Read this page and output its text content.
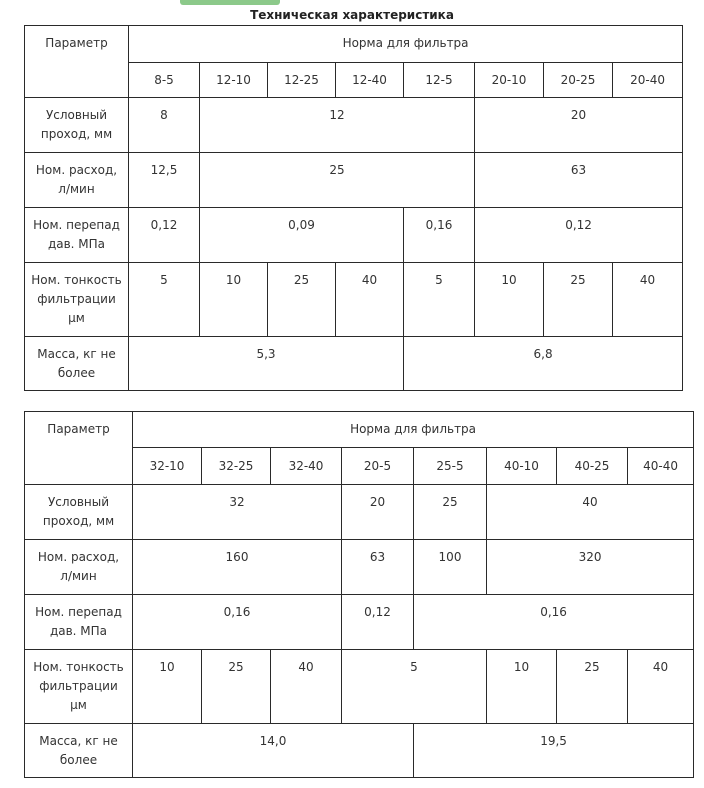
Техническая характеристика
Параметр	Норма для фильтра							
	8-5	12-10	12-25	12-40	12-5	20-10	20-25	20-40
Условный
проход, мм	8	12				20		
Ном. расход,
л/мин	12,5	25				63		
Ном. перепад
дав. МПа	0,12	0,09			0,16	0,12		
Ном. тонкость
фильтрации
µм	5	10	25	40	5	10	25	40
Масса, кг не
более	5,3				6,8			
Параметр	Норма для фильтра							
	32-10	32-25	32-40	20-5	25-5	40-10	40-25	40-40
Условный
проход, мм	32			20	25	40		
Ном. расход,
л/мин	160			63	100	320		
Ном. перепад
дав. МПа	0,16			0,12	0,16			
Ном. тонкость
фильтрации
µм	10	25	40	5		10	25	40
Масса, кг не
более	14,0				19,5			
